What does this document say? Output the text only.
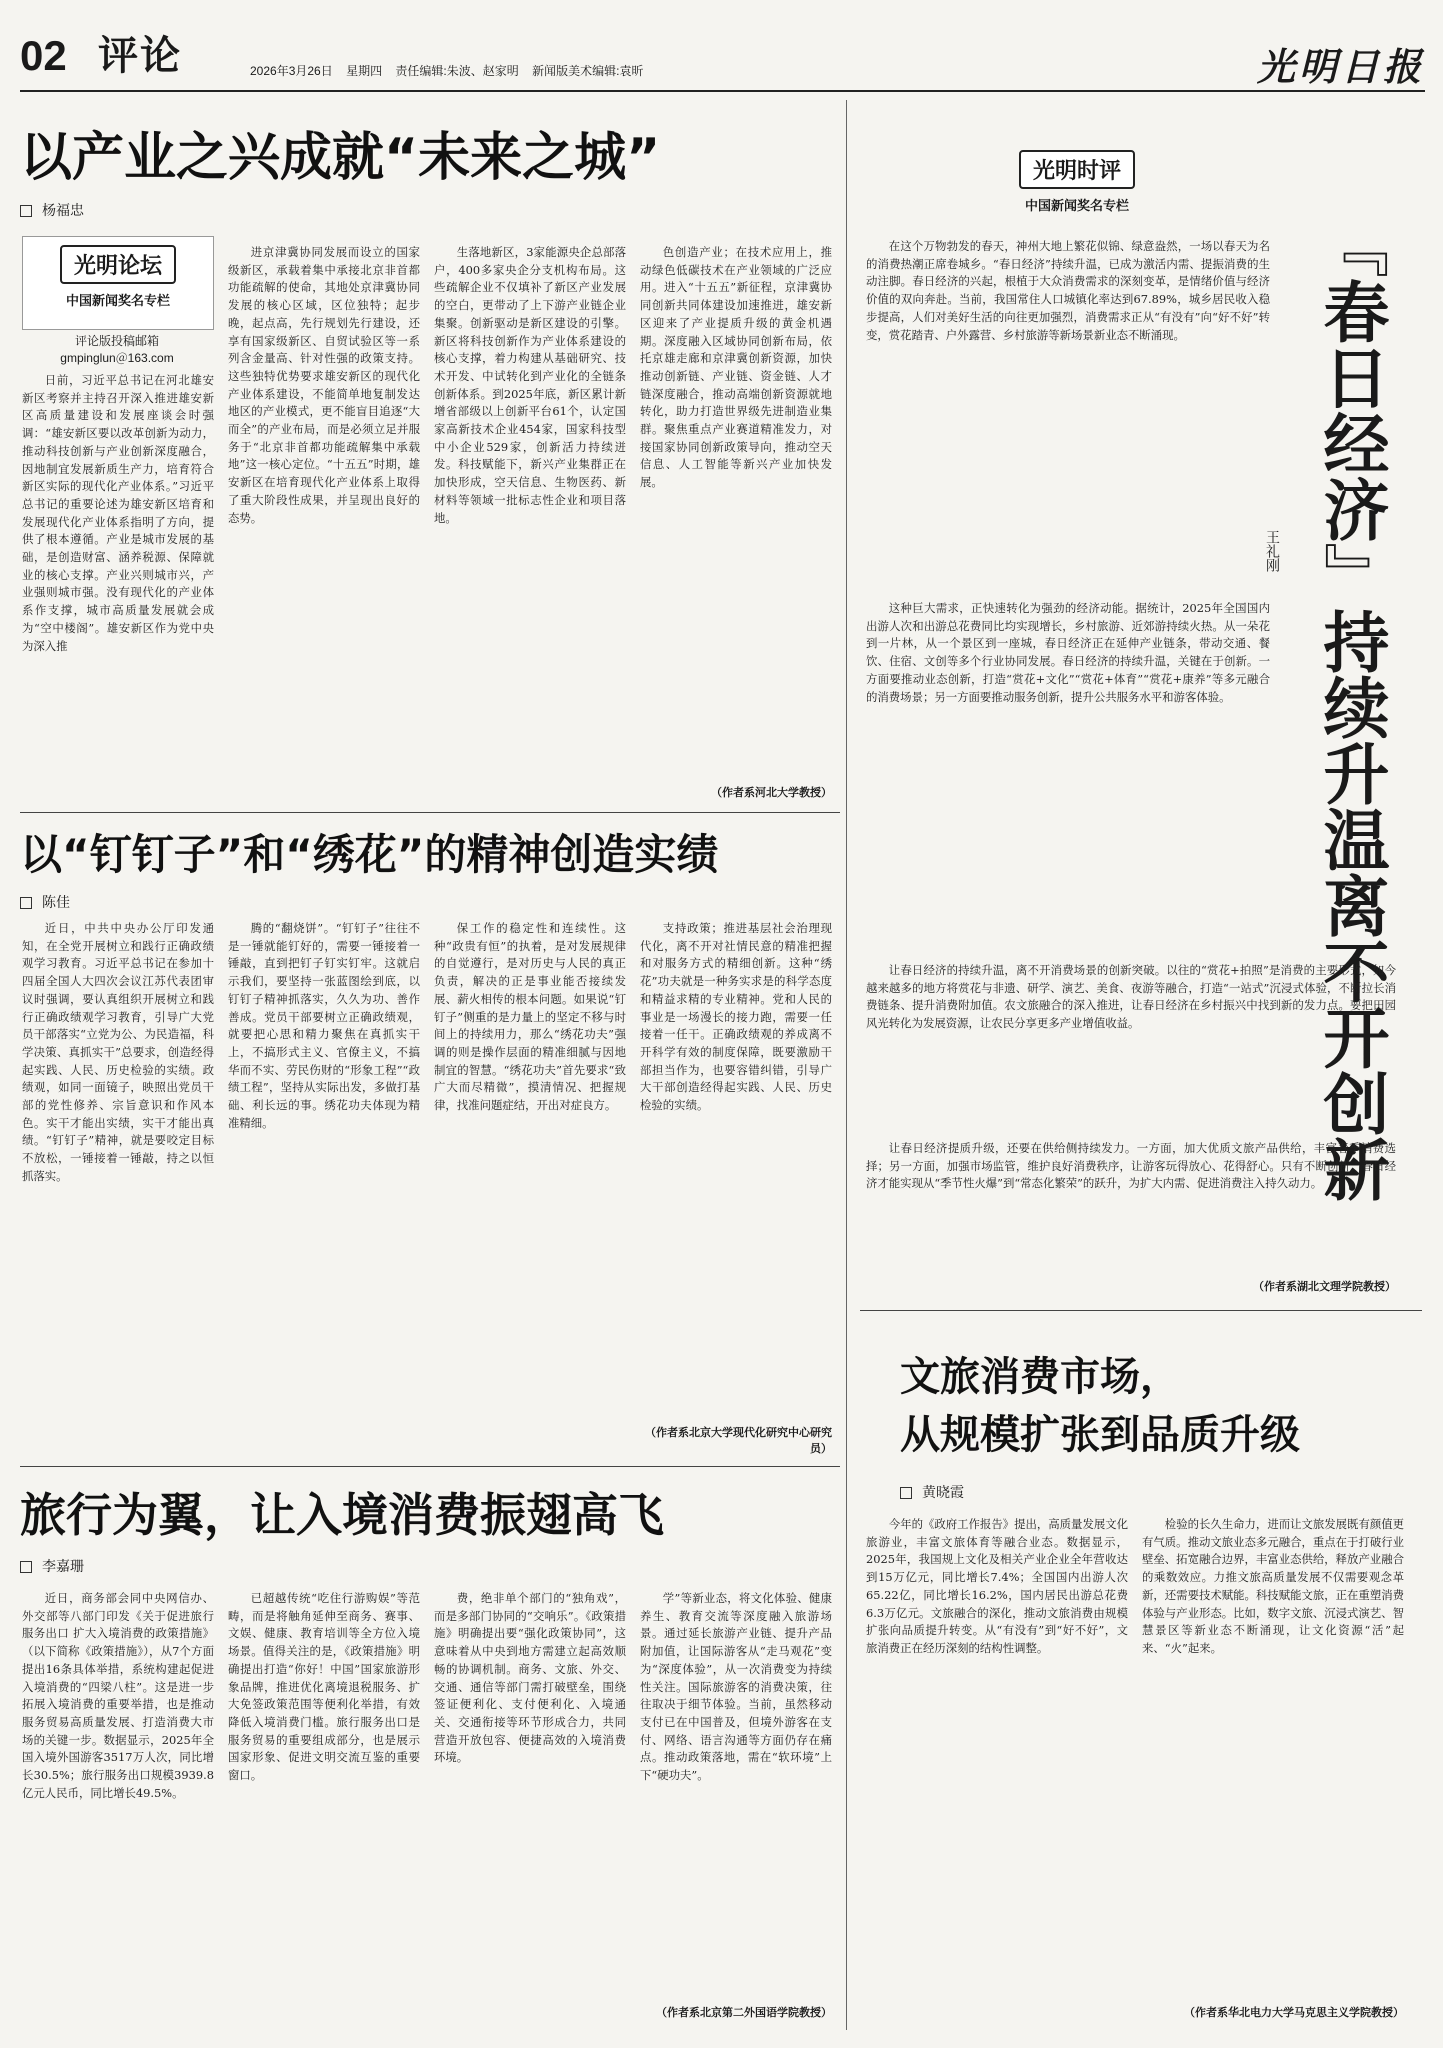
02 评论	2026年3月26日 星期四 责任编辑:朱波、赵家明 新闻版美术编辑:袁昕	光明日报
以产业之兴成就“未来之城”
杨福忠
光明论坛
中国新闻奖名专栏
评论版投稿邮箱
gmpinglun＠163.com

日前，习近平总书记在河北雄安新区考察并主持召开深入推进雄安新区高质量建设和发展座谈会时强调：“雄安新区要以改革创新为动力，推动科技创新与产业创新深度融合，因地制宜发展新质生产力，培育符合新区实际的现代化产业体系。”习近平总书记的重要论述为雄安新区培育和发展现代化产业体系指明了方向，提供了根本遵循。产业是城市发展的基础，是创造财富、涵养税源、保障就业的核心支撑。产业兴则城市兴，产业强则城市强。没有现代化的产业体系作支撑，城市高质量发展就会成为“空中楼阁”。雄安新区作为党中央为深入推

进京津冀协同发展而设立的国家级新区，承载着集中承接北京非首都功能疏解的使命，其地处京津冀协同发展的核心区域，区位独特；起步晚，起点高，先行规划先行建设，还享有国家级新区、自贸试验区等一系列含金量高、针对性强的政策支持。这些独特优势要求雄安新区的现代化产业体系建设，不能简单地复制发达地区的产业模式，更不能盲目追逐“大而全”的产业布局，而是必须立足并服务于“北京非首都功能疏解集中承载地”这一核心定位。“十五五”时期，雄安新区在培育现代化产业体系上取得了重大阶段性成果，并呈现出良好的态势。

生落地新区，3家能源央企总部落户，400多家央企分支机构布局。这些疏解企业不仅填补了新区产业发展的空白，更带动了上下游产业链企业集聚。创新驱动是新区建设的引擎。新区将科技创新作为产业体系建设的核心支撑，着力构建从基础研究、技术开发、中试转化到产业化的全链条创新体系。到2025年底，新区累计新增省部级以上创新平台61个，认定国家高新技术企业454家，国家科技型中小企业529家，创新活力持续迸发。科技赋能下，新兴产业集群正在加快形成，空天信息、生物医药、新材料等领域一批标志性企业和项目落地。

色创造产业；在技术应用上，推动绿色低碳技术在产业领域的广泛应用。进入“十五五”新征程，京津冀协同创新共同体建设加速推进，雄安新区迎来了产业提质升级的黄金机遇期。深度融入区域协同创新布局，依托京雄走廊和京津冀创新资源，加快推动创新链、产业链、资金链、人才链深度融合，推动高端创新资源就地转化，助力打造世界级先进制造业集群。聚焦重点产业赛道精准发力，对接国家协同创新政策导向，推动空天信息、人工智能等新兴产业加快发展。

（作者系河北大学教授）
以“钉钉子”和“绣花”的精神创造实绩
陈佳

近日，中共中央办公厅印发通知，在全党开展树立和践行正确政绩观学习教育。习近平总书记在参加十四届全国人大四次会议江苏代表团审议时强调，要认真组织开展树立和践行正确政绩观学习教育，引导广大党员干部落实“立党为公、为民造福，科学决策、真抓实干”总要求，创造经得起实践、人民、历史检验的实绩。政绩观，如同一面镜子，映照出党员干部的党性修养、宗旨意识和作风本色。实干才能出实绩，实干才能出真绩。“钉钉子”精神，就是要咬定目标不放松，一锤接着一锤敲，持之以恒抓落实。

腾的“翻烧饼”。“钉钉子”往往不是一锤就能钉好的，需要一锤接着一锤敲，直到把钉子钉实钉牢。这就启示我们，要坚持一张蓝图绘到底，以钉钉子精神抓落实，久久为功、善作善成。党员干部要树立正确政绩观，就要把心思和精力聚焦在真抓实干上，不搞形式主义、官僚主义，不搞华而不实、劳民伤财的“形象工程”“政绩工程”，坚持从实际出发，多做打基础、利长远的事。绣花功夫体现为精准精细。

保工作的稳定性和连续性。这种“政贵有恒”的执着，是对发展规律的自觉遵行，是对历史与人民的真正负责，解决的正是事业能否接续发展、薪火相传的根本问题。如果说“钉钉子”侧重的是力量上的坚定不移与时间上的持续用力，那么“绣花功夫”强调的则是操作层面的精准细腻与因地制宜的智慧。“绣花功夫”首先要求“致广大而尽精微”，摸清情况、把握规律，找准问题症结，开出对症良方。

支持政策；推进基层社会治理现代化，离不开对社情民意的精准把握和对服务方式的精细创新。这种“绣花”功夫就是一种务实求是的科学态度和精益求精的专业精神。党和人民的事业是一场漫长的接力跑，需要一任接着一任干。正确政绩观的养成离不开科学有效的制度保障，既要激励干部担当作为，也要容错纠错，引导广大干部创造经得起实践、人民、历史检验的实绩。

（作者系北京大学现代化研究中心研究员）
旅行为翼，让入境消费振翅高飞
李嘉珊

近日，商务部会同中央网信办、外交部等八部门印发《关于促进旅行服务出口 扩大入境消费的政策措施》（以下简称《政策措施》），从7个方面提出16条具体举措，系统构建起促进入境消费的“四梁八柱”。这是进一步拓展入境消费的重要举措，也是推动服务贸易高质量发展、打造消费大市场的关键一步。数据显示，2025年全国入境外国游客3517万人次，同比增长30.5%；旅行服务出口规模3939.8亿元人民币，同比增长49.5%。

已超越传统“吃住行游购娱”等范畴，而是将触角延伸至商务、赛事、文娱、健康、教育培训等全方位入境场景。值得关注的是，《政策措施》明确提出打造“你好！中国”国家旅游形象品牌，推进优化离境退税服务、扩大免签政策范围等便利化举措，有效降低入境消费门槛。旅行服务出口是服务贸易的重要组成部分，也是展示国家形象、促进文明交流互鉴的重要窗口。

费，绝非单个部门的“独角戏”，而是多部门协同的“交响乐”。《政策措施》明确提出要“强化政策协同”，这意味着从中央到地方需建立起高效顺畅的协调机制。商务、文旅、外交、交通、通信等部门需打破壁垒，围绕签证便利化、支付便利化、入境通关、交通衔接等环节形成合力，共同营造开放包容、便捷高效的入境消费环境。

学”等新业态，将文化体验、健康养生、教育交流等深度融入旅游场景。通过延长旅游产业链、提升产品附加值，让国际游客从“走马观花”变为“深度体验”，从一次消费变为持续性关注。国际旅游客的消费决策，往往取决于细节体验。当前，虽然移动支付已在中国普及，但境外游客在支付、网络、语言沟通等方面仍存在痛点。推动政策落地，需在“软环境”上下“硬功夫”。

（作者系北京第二外国语学院教授）
光明时评
中国新闻奖名专栏
『春日经济』持续升温离不开创新
王礼刚

在这个万物勃发的春天，神州大地上繁花似锦、绿意盎然，一场以春天为名的消费热潮正席卷城乡。“春日经济”持续升温，已成为激活内需、提振消费的生动注脚。春日经济的兴起，根植于大众消费需求的深刻变革，是情绪价值与经济价值的双向奔赴。当前，我国常住人口城镇化率达到67.89%，城乡居民收入稳步提高，人们对美好生活的向往更加强烈，消费需求正从“有没有”向“好不好”转变，赏花踏青、户外露营、乡村旅游等新场景新业态不断涌现。

这种巨大需求，正快速转化为强劲的经济动能。据统计，2025年全国国内出游人次和出游总花费同比均实现增长，乡村旅游、近郊游持续火热。从一朵花到一片林，从一个景区到一座城，春日经济正在延伸产业链条，带动交通、餐饮、住宿、文创等多个行业协同发展。春日经济的持续升温，关键在于创新。一方面要推动业态创新，打造“赏花+文化”“赏花+体育”“赏花+康养”等多元融合的消费场景；另一方面要推动服务创新，提升公共服务水平和游客体验。

让春日经济的持续升温，离不开消费场景的创新突破。以往的“赏花+拍照”是消费的主要形式，如今越来越多的地方将赏花与非遗、研学、演艺、美食、夜游等融合，打造“一站式”沉浸式体验，不断拉长消费链条、提升消费附加值。农文旅融合的深入推进，让春日经济在乡村振兴中找到新的发力点。要把田园风光转化为发展资源，让农民分享更多产业增值收益。

让春日经济提质升级，还要在供给侧持续发力。一方面，加大优质文旅产品供给，丰富春季消费选择；另一方面，加强市场监管，维护良好消费秩序，让游客玩得放心、花得舒心。只有不断创新，春日经济才能实现从“季节性火爆”到“常态化繁荣”的跃升，为扩大内需、促进消费注入持久动力。

（作者系湖北文理学院教授）
文旅消费市场，
从规模扩张到品质升级
黄晓霞

今年的《政府工作报告》提出，高质量发展文化旅游业，丰富文旅体育等融合业态。数据显示，2025年，我国规上文化及相关产业企业全年营收达到15万亿元，同比增长7.4%；全国国内出游人次65.22亿，同比增长16.2%，国内居民出游总花费6.3万亿元。文旅融合的深化，推动文旅消费由规模扩张向品质提升转变。从“有没有”到“好不好”，文旅消费正在经历深刻的结构性调整。

检验的长久生命力，进而让文旅发展既有颜值更有气质。推动文旅业态多元融合，重点在于打破行业壁垒、拓宽融合边界，丰富业态供给，释放产业融合的乘数效应。力推文旅高质量发展不仅需要观念革新，还需要技术赋能。科技赋能文旅，正在重塑消费体验与产业形态。比如，数字文旅、沉浸式演艺、智慧景区等新业态不断涌现，让文化资源“活”起来、“火”起来。

（作者系华北电力大学马克思主义学院教授）
